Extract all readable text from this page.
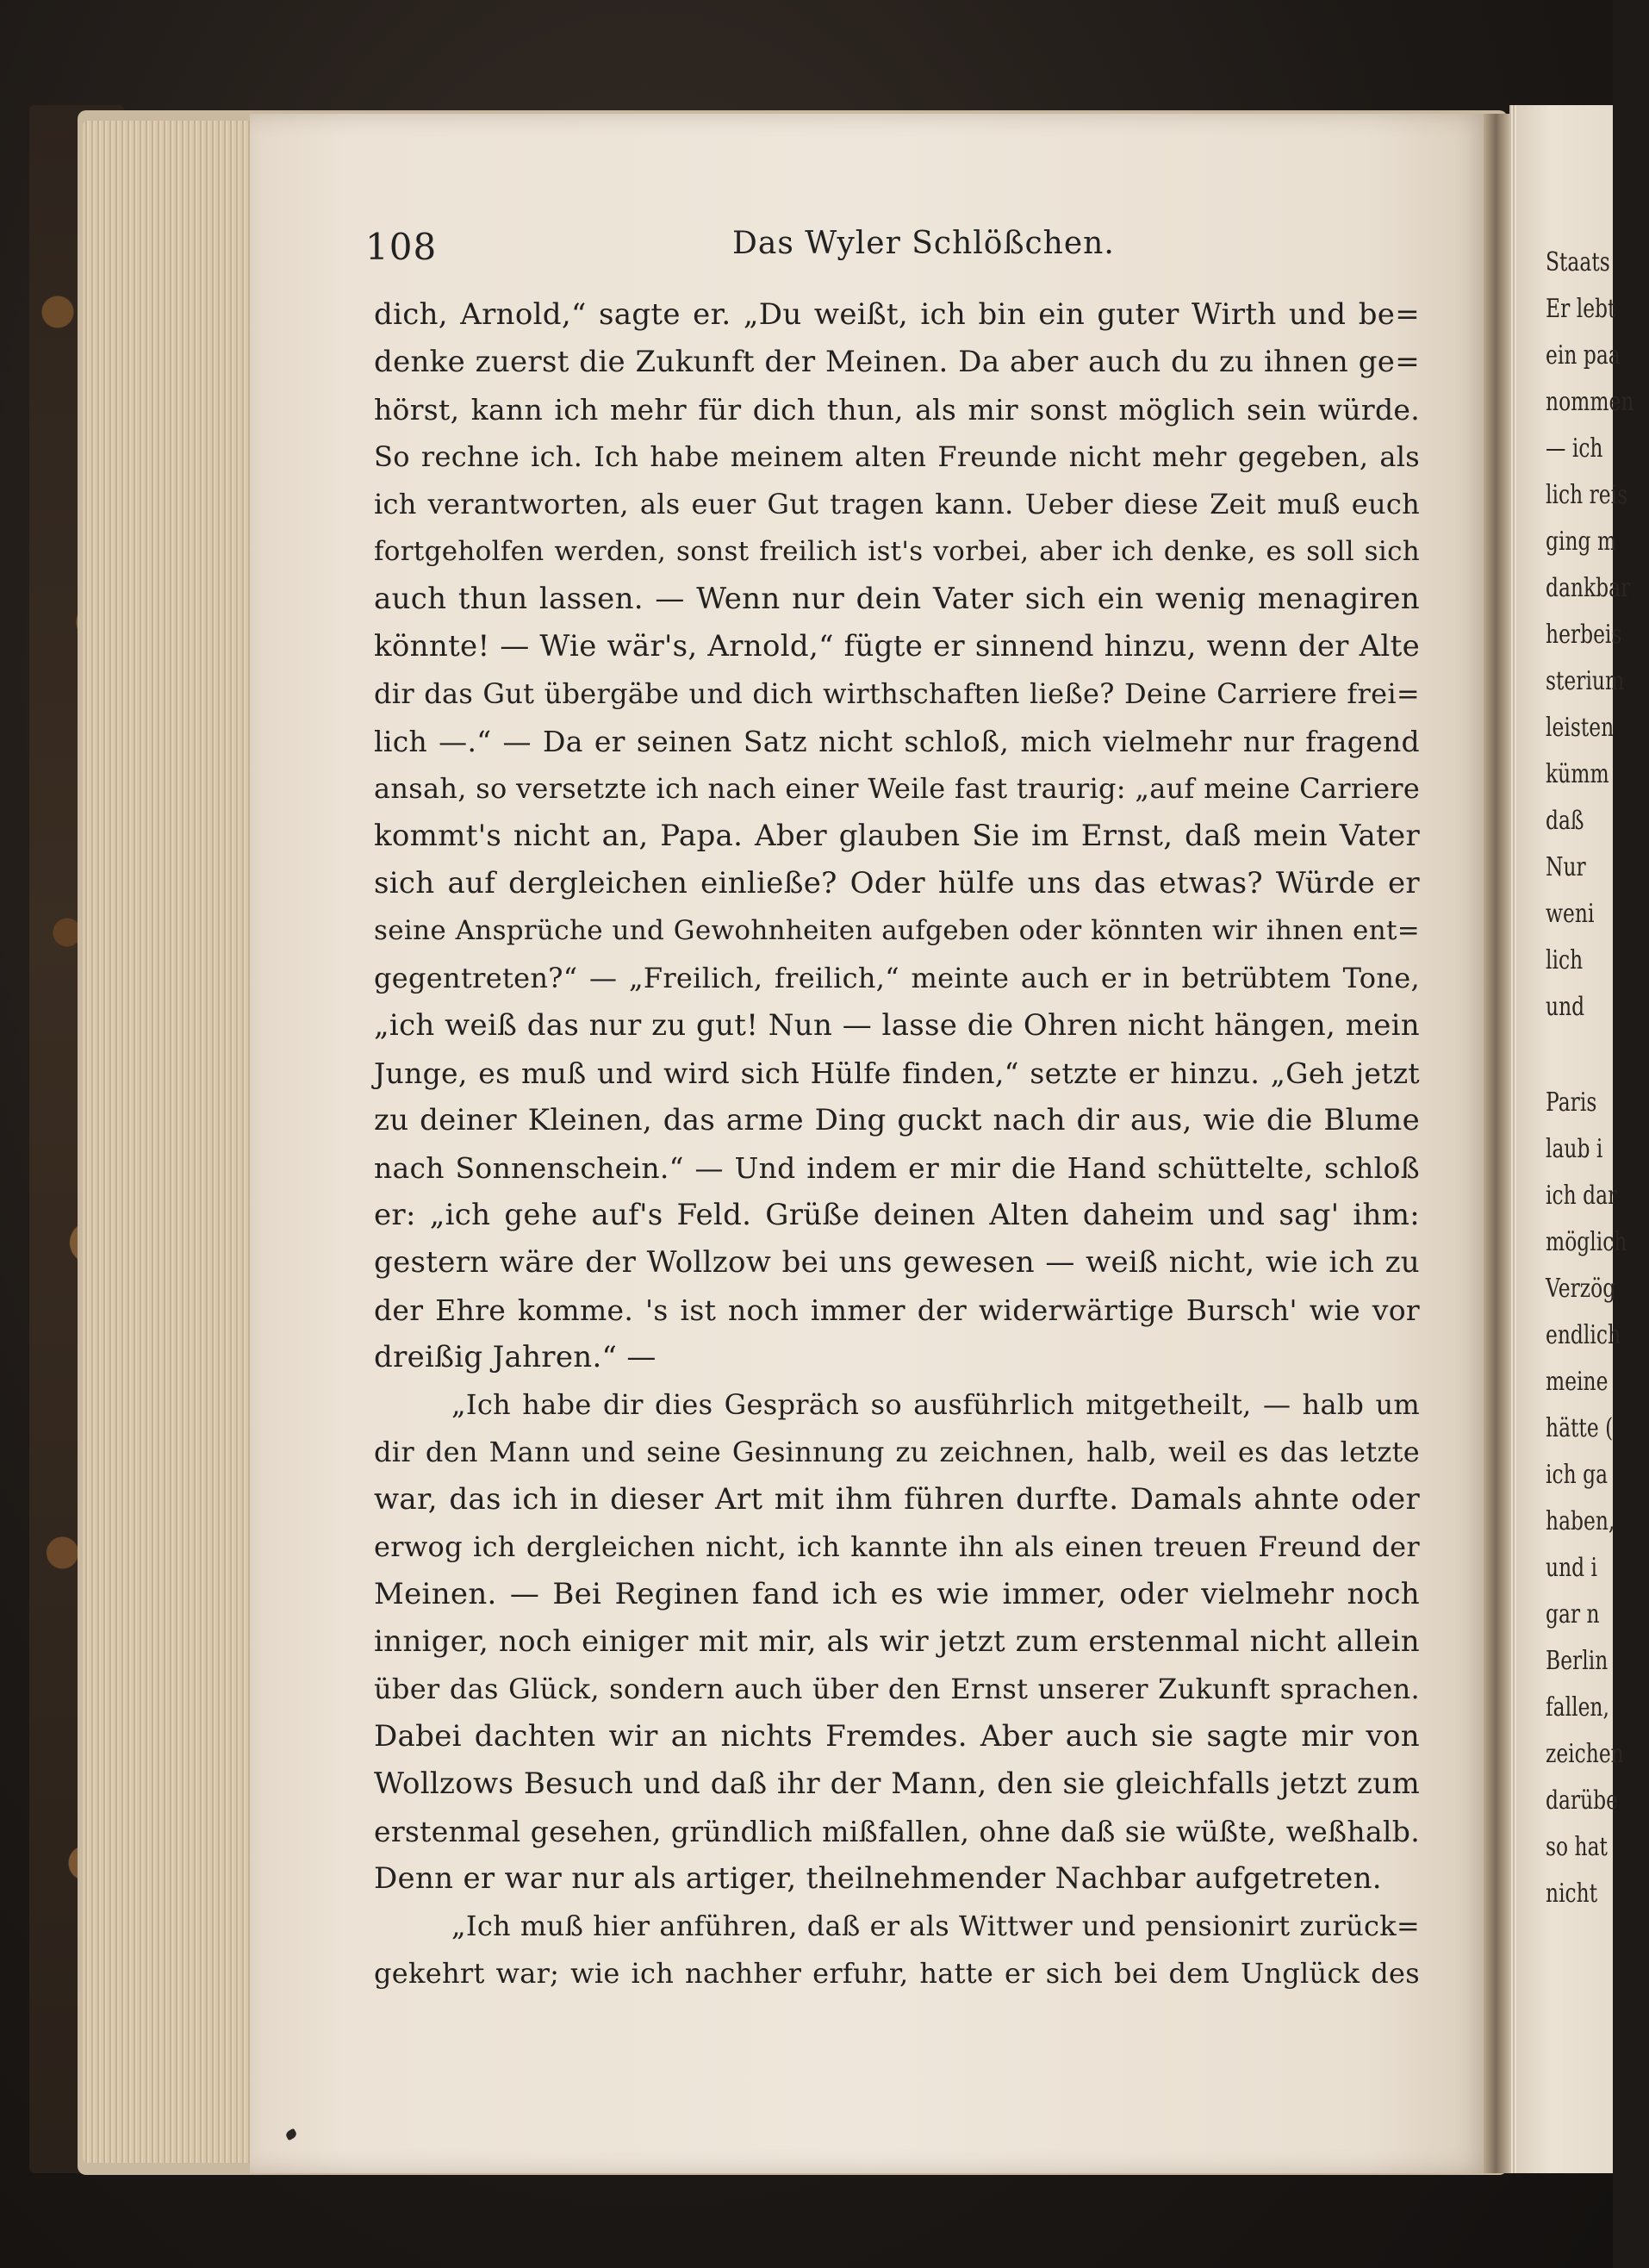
Staats
Er lebt
ein paa
nommen
— ich
lich reis
ging m
dankbar
herbeis
sterium
leisten
kümm
daß
Nur
weni
lich
und
Paris
laub i
ich dar
möglich
Verzög
endlich
meine
hätte (
ich ga
haben,
und i
gar n
Berlin
fallen,
zeichen
darübe
so hat
nicht
108	Das Wyler Schlößchen.
dich, Arnold,“ sagte er. „Du weißt, ich bin ein guter Wirth und be=
denke zuerst die Zukunft der Meinen. Da aber auch du zu ihnen ge=
hörst, kann ich mehr für dich thun, als mir sonst möglich sein würde.
So rechne ich. Ich habe meinem alten Freunde nicht mehr gegeben, als
ich verantworten, als euer Gut tragen kann. Ueber diese Zeit muß euch
fortgeholfen werden, sonst freilich ist's vorbei, aber ich denke, es soll sich
auch thun lassen. — Wenn nur dein Vater sich ein wenig menagiren
könnte! — Wie wär's, Arnold,“ fügte er sinnend hinzu, wenn der Alte
dir das Gut übergäbe und dich wirthschaften ließe? Deine Carriere frei=
lich —.“ — Da er seinen Satz nicht schloß, mich vielmehr nur fragend
ansah, so versetzte ich nach einer Weile fast traurig: „auf meine Carriere
kommt's nicht an, Papa. Aber glauben Sie im Ernst, daß mein Vater
sich auf dergleichen einließe? Oder hülfe uns das etwas? Würde er
seine Ansprüche und Gewohnheiten aufgeben oder könnten wir ihnen ent=
gegentreten?“ — „Freilich, freilich,“ meinte auch er in betrübtem Tone,
„ich weiß das nur zu gut! Nun — lasse die Ohren nicht hängen, mein
Junge, es muß und wird sich Hülfe finden,“ setzte er hinzu. „Geh jetzt
zu deiner Kleinen, das arme Ding guckt nach dir aus, wie die Blume
nach Sonnenschein.“ — Und indem er mir die Hand schüttelte, schloß
er: „ich gehe auf's Feld. Grüße deinen Alten daheim und sag' ihm:
gestern wäre der Wollzow bei uns gewesen — weiß nicht, wie ich zu
der Ehre komme. 's ist noch immer der widerwärtige Bursch' wie vor
dreißig Jahren.“ —
„Ich habe dir dies Gespräch so ausführlich mitgetheilt, — halb um
dir den Mann und seine Gesinnung zu zeichnen, halb, weil es das letzte
war, das ich in dieser Art mit ihm führen durfte. Damals ahnte oder
erwog ich dergleichen nicht, ich kannte ihn als einen treuen Freund der
Meinen. — Bei Reginen fand ich es wie immer, oder vielmehr noch
inniger, noch einiger mit mir, als wir jetzt zum erstenmal nicht allein
über das Glück, sondern auch über den Ernst unserer Zukunft sprachen.
Dabei dachten wir an nichts Fremdes. Aber auch sie sagte mir von
Wollzows Besuch und daß ihr der Mann, den sie gleichfalls jetzt zum
erstenmal gesehen, gründlich mißfallen, ohne daß sie wüßte, weßhalb.
Denn er war nur als artiger, theilnehmender Nachbar aufgetreten.
„Ich muß hier anführen, daß er als Wittwer und pensionirt zurück=
gekehrt war; wie ich nachher erfuhr, hatte er sich bei dem Unglück des
